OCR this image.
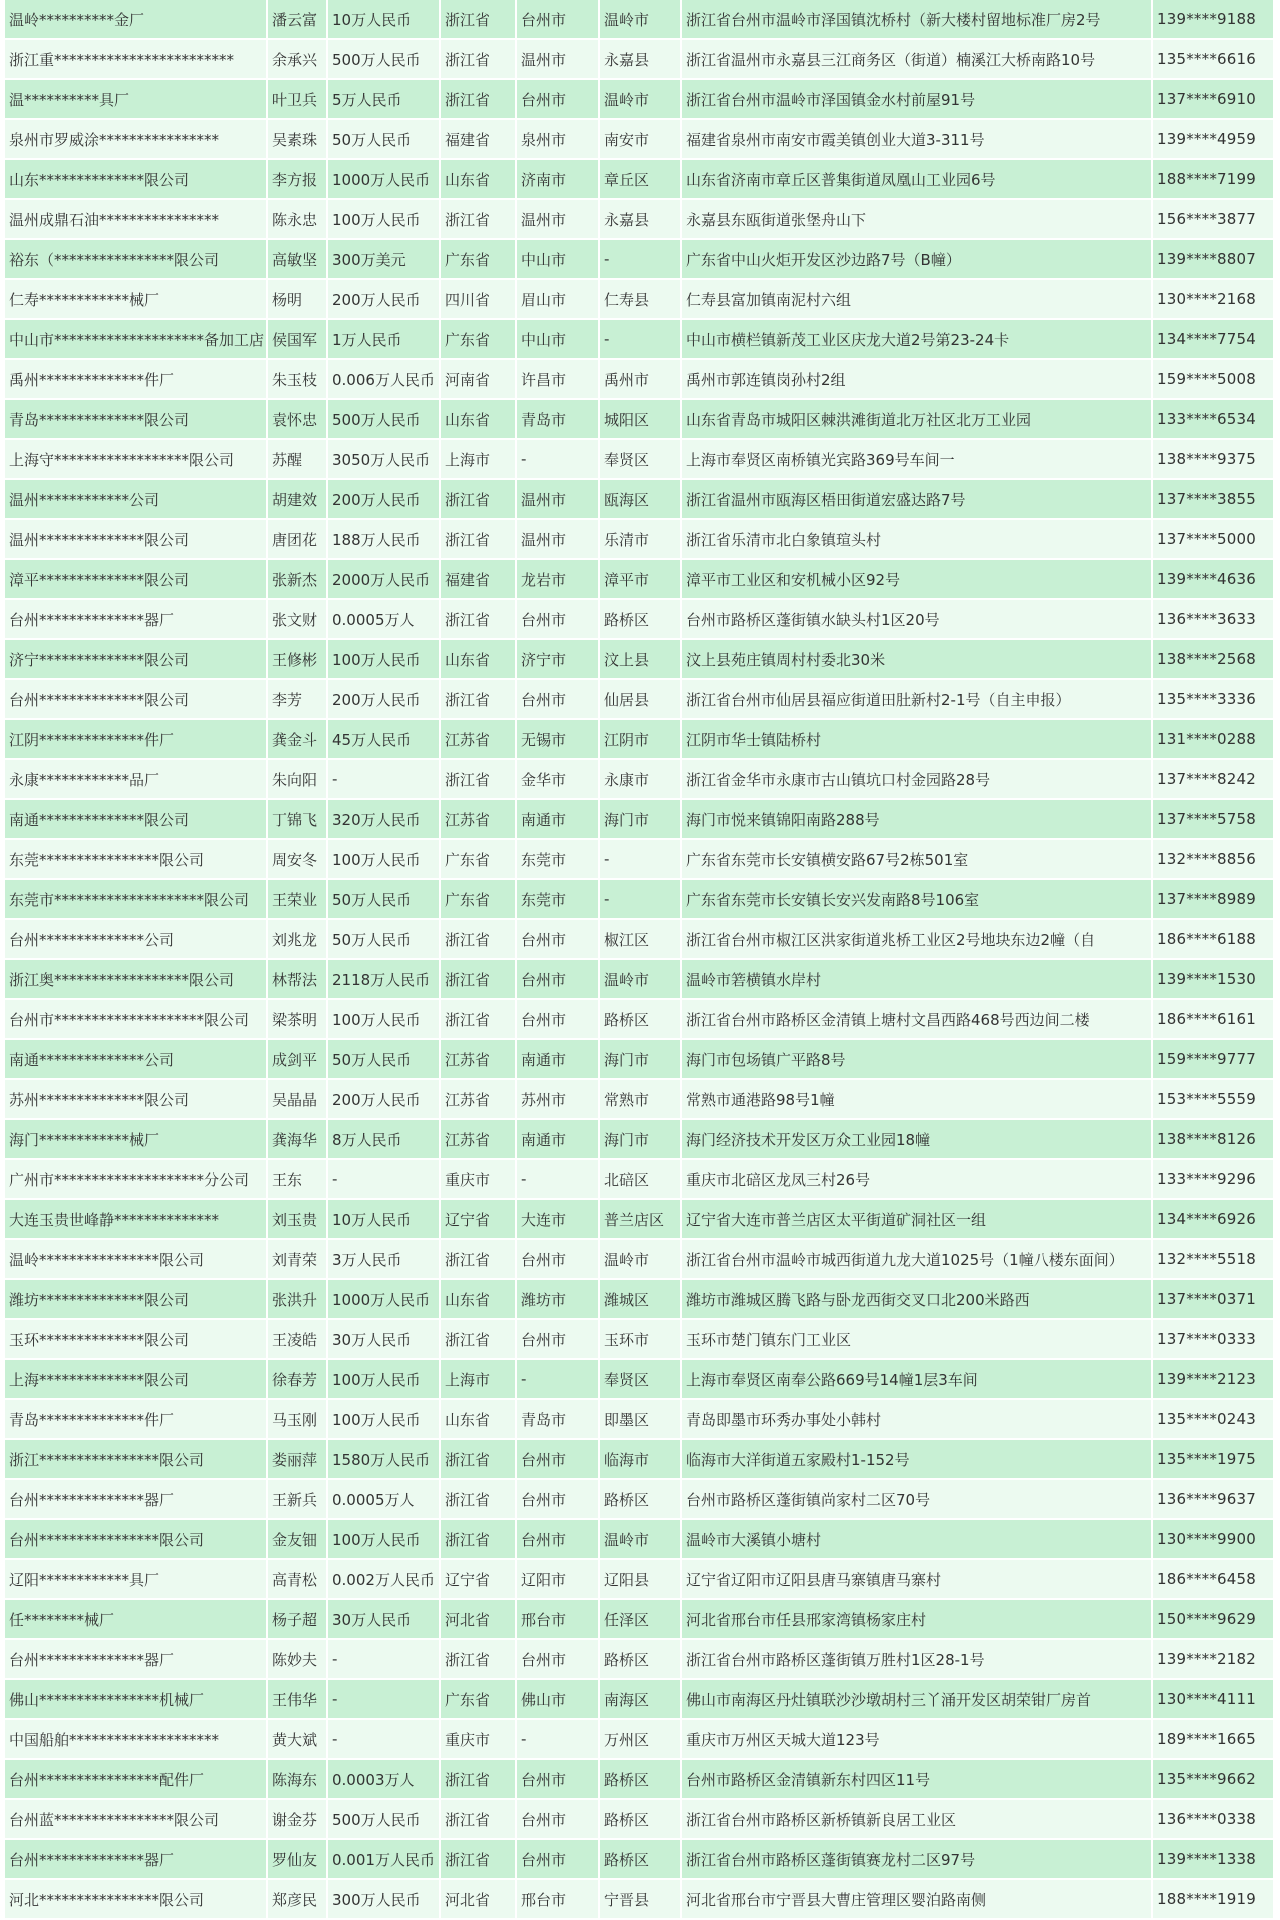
温岭**********金厂	潘云富	10万人民币	浙江省	台州市	温岭市	浙江省台州市温岭市泽国镇沈桥村（新大楼村留地标准厂房2号	139****9188
浙江重************************	余承兴	500万人民币	浙江省	温州市	永嘉县	浙江省温州市永嘉县三江商务区（街道）楠溪江大桥南路10号	135****6616
温**********具厂	叶卫兵	5万人民币	浙江省	台州市	温岭市	浙江省台州市温岭市泽国镇金水村前屋91号	137****6910
泉州市罗威涂****************	吴素珠	50万人民币	福建省	泉州市	南安市	福建省泉州市南安市霞美镇创业大道3-311号	139****4959
山东**************限公司	李方报	1000万人民币	山东省	济南市	章丘区	山东省济南市章丘区普集街道凤凰山工业园6号	188****7199
温州成鼎石油****************	陈永忠	100万人民币	浙江省	温州市	永嘉县	永嘉县东瓯街道张堡舟山下	156****3877
裕东（****************限公司	高敏坚	300万美元	广东省	中山市	-	广东省中山火炬开发区沙边路7号（B幢）	139****8807
仁寿************械厂	杨明	200万人民币	四川省	眉山市	仁寿县	仁寿县富加镇南泥村六组	130****2168
中山市********************备加工店	侯国军	1万人民币	广东省	中山市	-	中山市横栏镇新茂工业区庆龙大道2号第23-24卡	134****7754
禹州**************件厂	朱玉枝	0.006万人民币	河南省	许昌市	禹州市	禹州市郭连镇岗孙村2组	159****5008
青岛**************限公司	袁怀忠	500万人民币	山东省	青岛市	城阳区	山东省青岛市城阳区棘洪滩街道北万社区北万工业园	133****6534
上海守******************限公司	苏醒	3050万人民币	上海市	-	奉贤区	上海市奉贤区南桥镇光宾路369号车间一	138****9375
温州************公司	胡建效	200万人民币	浙江省	温州市	瓯海区	浙江省温州市瓯海区梧田街道宏盛达路7号	137****3855
温州**************限公司	唐团花	188万人民币	浙江省	温州市	乐清市	浙江省乐清市北白象镇瑄头村	137****5000
漳平**************限公司	张新杰	2000万人民币	福建省	龙岩市	漳平市	漳平市工业区和安机械小区92号	139****4636
台州**************器厂	张文财	0.0005万人	浙江省	台州市	路桥区	台州市路桥区蓬街镇水缺头村1区20号	136****3633
济宁**************限公司	王修彬	100万人民币	山东省	济宁市	汶上县	汶上县苑庄镇周村村委北30米	138****2568
台州**************限公司	李芳	200万人民币	浙江省	台州市	仙居县	浙江省台州市仙居县福应街道田肚新村2-1号（自主申报）	135****3336
江阴**************件厂	龚金斗	45万人民币	江苏省	无锡市	江阴市	江阴市华士镇陆桥村	131****0288
永康************品厂	朱向阳	-	浙江省	金华市	永康市	浙江省金华市永康市古山镇坑口村金园路28号	137****8242
南通**************限公司	丁锦飞	320万人民币	江苏省	南通市	海门市	海门市悦来镇锦阳南路288号	137****5758
东莞****************限公司	周安冬	100万人民币	广东省	东莞市	-	广东省东莞市长安镇横安路67号2栋501室	132****8856
东莞市********************限公司	王荣业	50万人民币	广东省	东莞市	-	广东省东莞市长安镇长安兴发南路8号106室	137****8989
台州**************公司	刘兆龙	50万人民币	浙江省	台州市	椒江区	浙江省台州市椒江区洪家街道兆桥工业区2号地块东边2幢（自	186****6188
浙江奥******************限公司	林帮法	2118万人民币	浙江省	台州市	温岭市	温岭市箬横镇水岸村	139****1530
台州市********************限公司	梁茶明	100万人民币	浙江省	台州市	路桥区	浙江省台州市路桥区金清镇上塘村文昌西路468号西边间二楼	186****6161
南通**************公司	成剑平	50万人民币	江苏省	南通市	海门市	海门市包场镇广平路8号	159****9777
苏州**************限公司	吴晶晶	200万人民币	江苏省	苏州市	常熟市	常熟市通港路98号1幢	153****5559
海门************械厂	龚海华	8万人民币	江苏省	南通市	海门市	海门经济技术开发区万众工业园18幢	138****8126
广州市********************分公司	王东	-	重庆市	-	北碚区	重庆市北碚区龙凤三村26号	133****9296
大连玉贵世峰静**************	刘玉贵	10万人民币	辽宁省	大连市	普兰店区	辽宁省大连市普兰店区太平街道矿洞社区一组	134****6926
温岭****************限公司	刘青荣	3万人民币	浙江省	台州市	温岭市	浙江省台州市温岭市城西街道九龙大道1025号（1幢八楼东面间）	132****5518
潍坊**************限公司	张洪升	1000万人民币	山东省	潍坊市	潍城区	潍坊市潍城区腾飞路与卧龙西街交叉口北200米路西	137****0371
玉环**************限公司	王凌皓	30万人民币	浙江省	台州市	玉环市	玉环市楚门镇东门工业区	137****0333
上海**************限公司	徐春芳	100万人民币	上海市	-	奉贤区	上海市奉贤区南奉公路669号14幢1层3车间	139****2123
青岛**************件厂	马玉刚	100万人民币	山东省	青岛市	即墨区	青岛即墨市环秀办事处小韩村	135****0243
浙江****************限公司	娄丽萍	1580万人民币	浙江省	台州市	临海市	临海市大洋街道五家殿村1-152号	135****1975
台州**************器厂	王新兵	0.0005万人	浙江省	台州市	路桥区	台州市路桥区蓬街镇尚家村二区70号	136****9637
台州****************限公司	金友钿	100万人民币	浙江省	台州市	温岭市	温岭市大溪镇小塘村	130****9900
辽阳************具厂	高青松	0.002万人民币	辽宁省	辽阳市	辽阳县	辽宁省辽阳市辽阳县唐马寨镇唐马寨村	186****6458
任********械厂	杨子超	30万人民币	河北省	邢台市	任泽区	河北省邢台市任县邢家湾镇杨家庄村	150****9629
台州**************器厂	陈妙夫	-	浙江省	台州市	路桥区	浙江省台州市路桥区蓬街镇万胜村1区28-1号	139****2182
佛山****************机械厂	王伟华	-	广东省	佛山市	南海区	佛山市南海区丹灶镇联沙沙墩胡村三丫涌开发区胡荣钳厂房首	130****4111
中国船舶********************	黄大斌	-	重庆市	-	万州区	重庆市万州区天城大道123号	189****1665
台州****************配件厂	陈海东	0.0003万人	浙江省	台州市	路桥区	台州市路桥区金清镇新东村四区11号	135****9662
台州蓝****************限公司	谢金芬	500万人民币	浙江省	台州市	路桥区	浙江省台州市路桥区新桥镇新良居工业区	136****0338
台州**************器厂	罗仙友	0.001万人民币	浙江省	台州市	路桥区	浙江省台州市路桥区蓬街镇赛龙村二区97号	139****1338
河北****************限公司	郑彦民	300万人民币	河北省	邢台市	宁晋县	河北省邢台市宁晋县大曹庄管理区婴泊路南侧	188****1919
